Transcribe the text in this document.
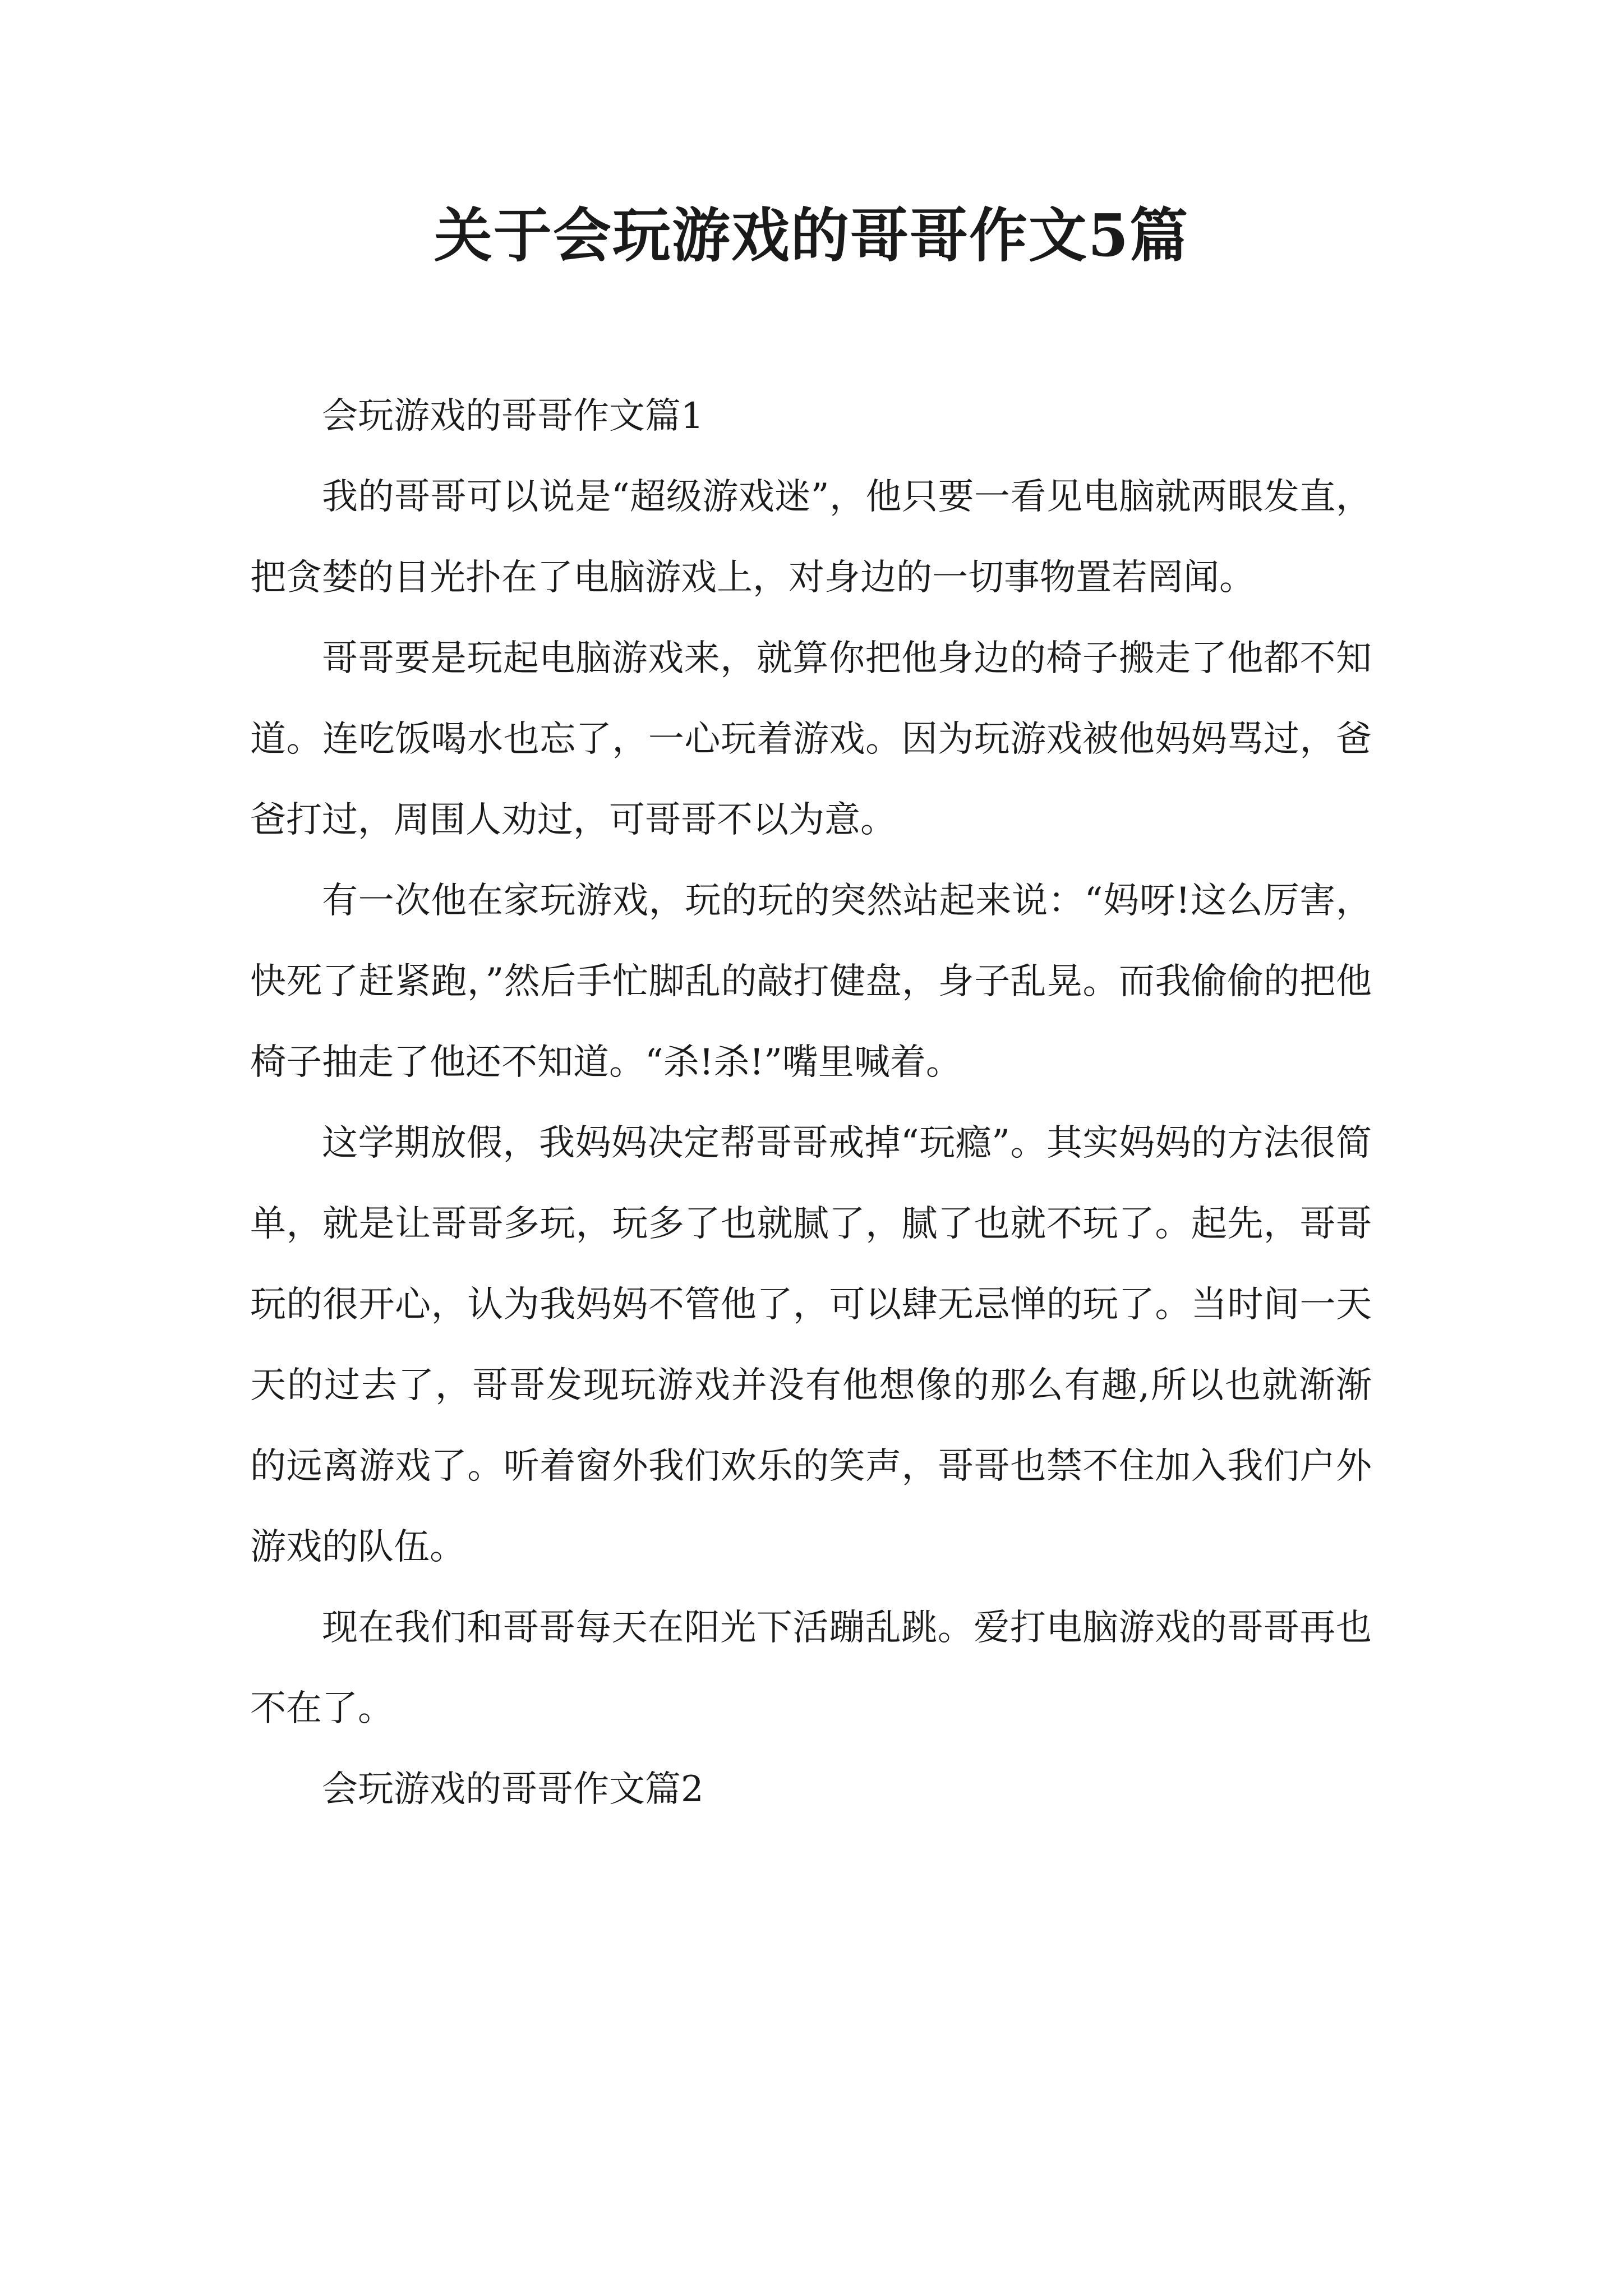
关于会玩游戏的哥哥作文5篇

会玩游戏的哥哥作文篇1

我的哥哥可以说是“超级游戏迷”，他只要一看见电脑就两眼发直，把贪婪的目光扑在了电脑游戏上，对身边的一切事物置若罔闻。

哥哥要是玩起电脑游戏来，就算你把他身边的椅子搬走了他都不知道。连吃饭喝水也忘了，一心玩着游戏。因为玩游戏被他妈妈骂过，爸爸打过，周围人劝过，可哥哥不以为意。

有一次他在家玩游戏，玩的玩的突然站起来说：“妈呀!这么厉害，快死了赶紧跑，”然后手忙脚乱的敲打健盘，身子乱晃。而我偷偷的把他椅子抽走了他还不知道。“杀!杀!”嘴里喊着。

这学期放假，我妈妈决定帮哥哥戒掉“玩瘾”。其实妈妈的方法很简单，就是让哥哥多玩，玩多了也就腻了，腻了也就不玩了。起先，哥哥玩的很开心，认为我妈妈不管他了，可以肆无忌惮的玩了。当时间一天天的过去了，哥哥发现玩游戏并没有他想像的那么有趣,所以也就渐渐的远离游戏了。听着窗外我们欢乐的笑声，哥哥也禁不住加入我们户外游戏的队伍。

现在我们和哥哥每天在阳光下活蹦乱跳。爱打电脑游戏的哥哥再也不在了。

会玩游戏的哥哥作文篇2
